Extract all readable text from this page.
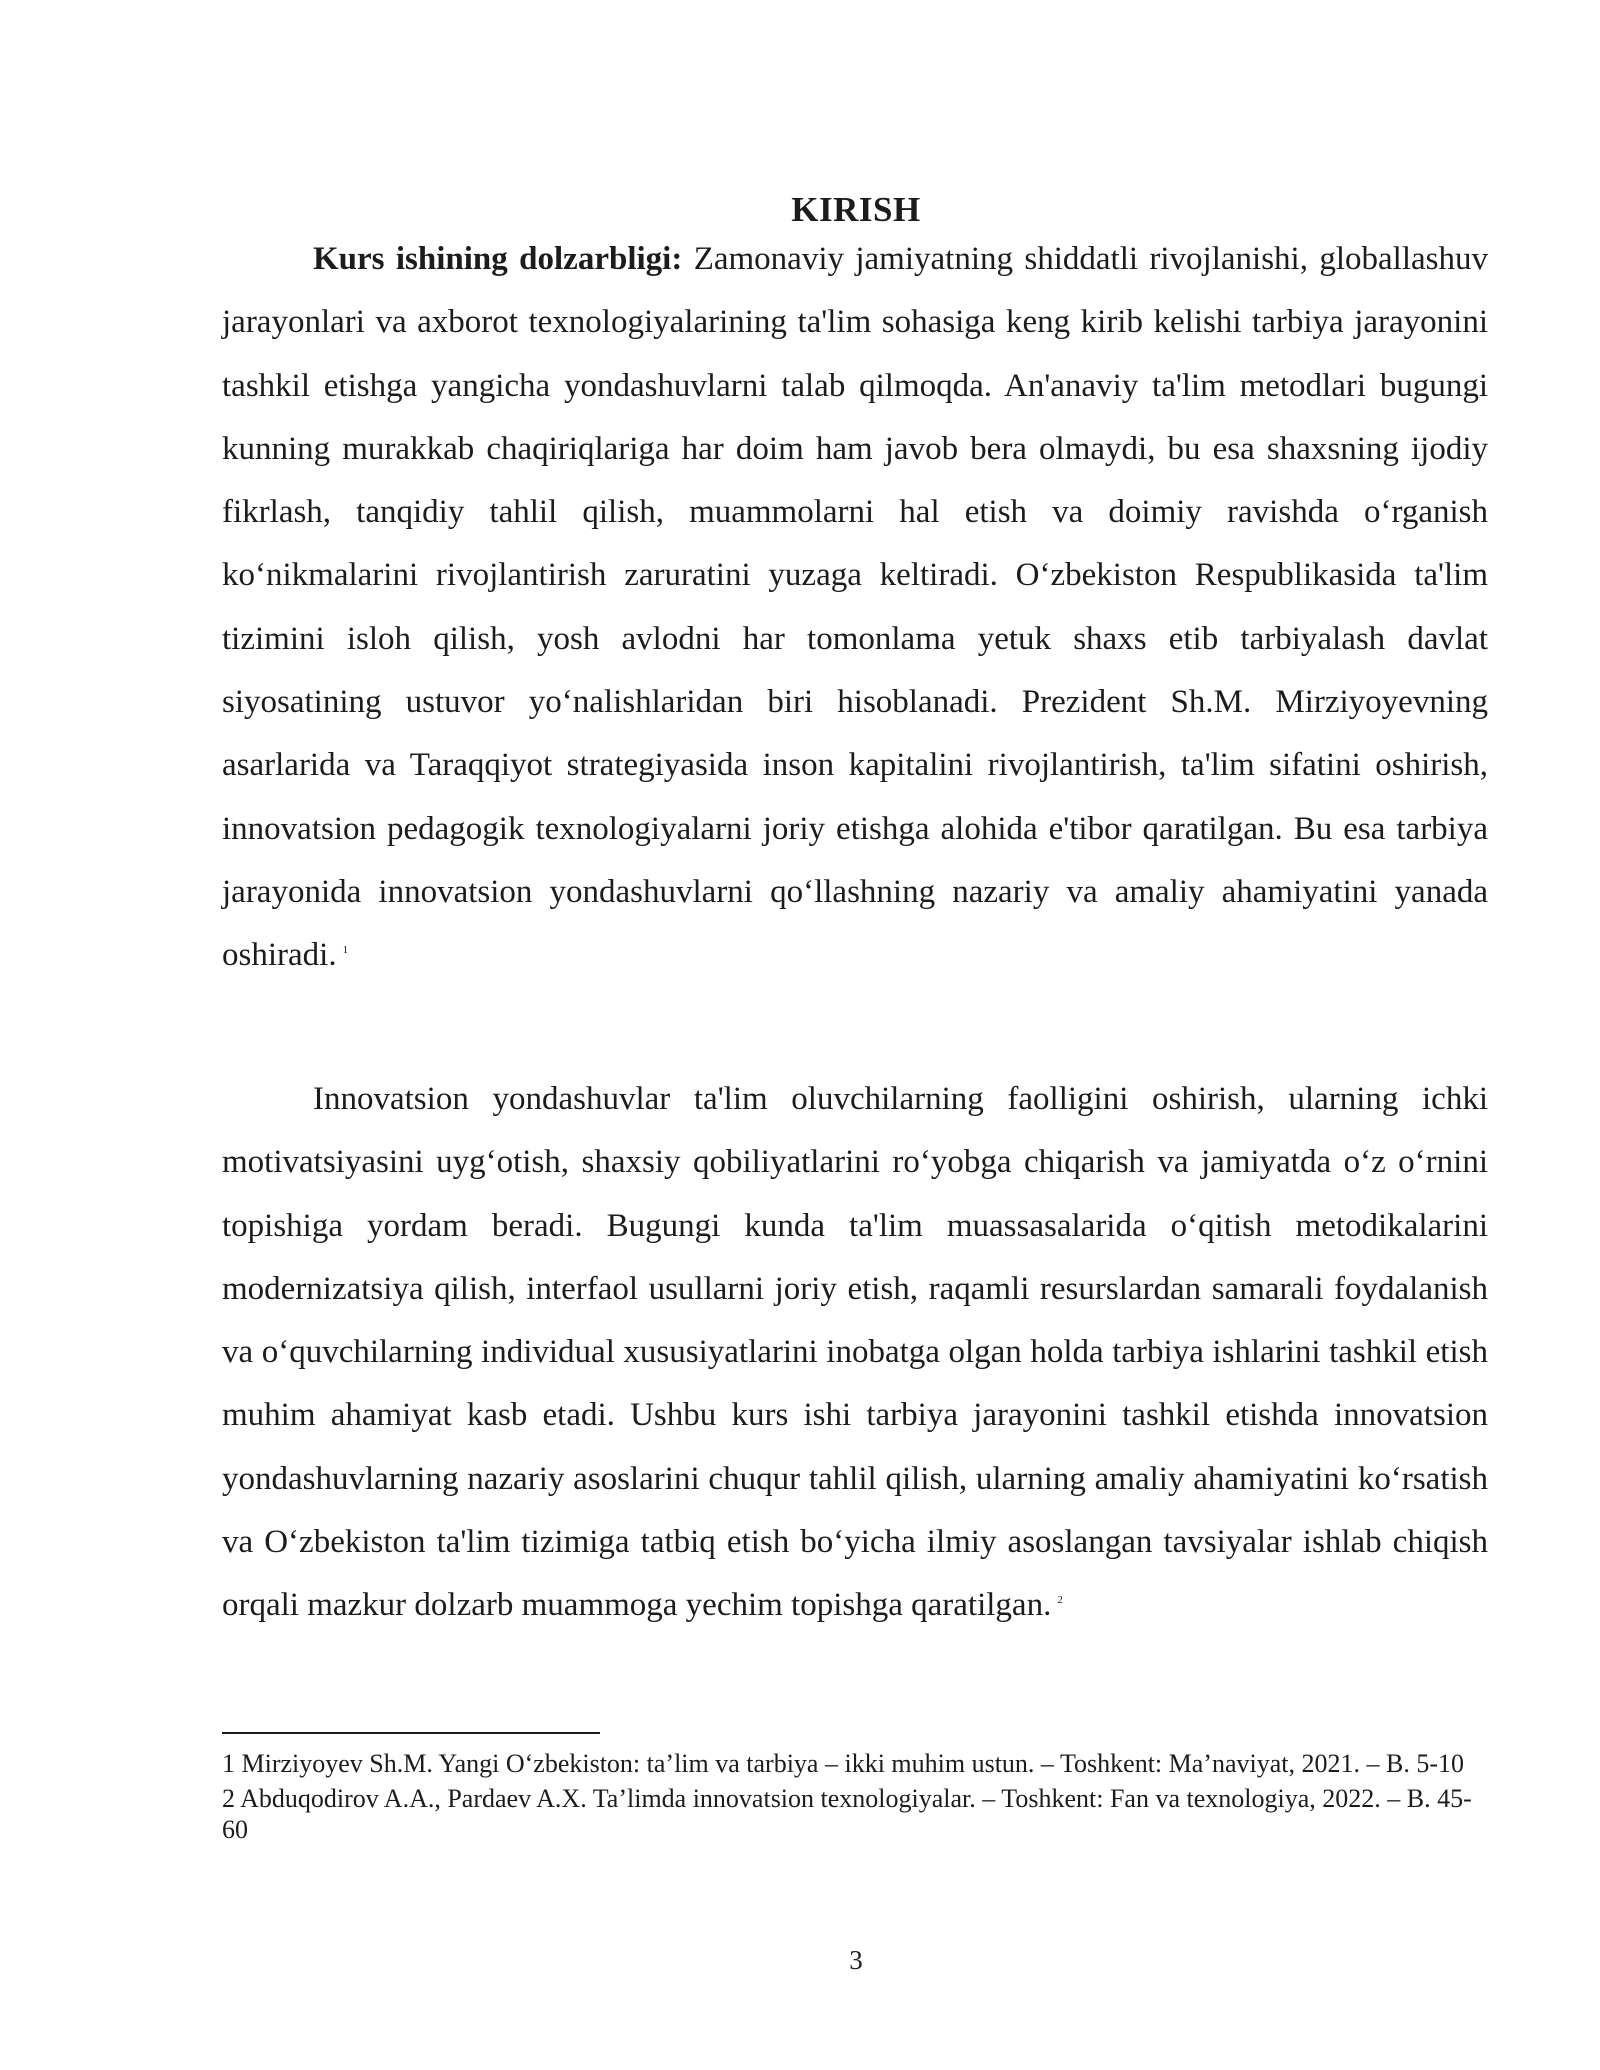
KIRISH

Kurs ishining dolzarbligi: Zamonaviy jamiyatning shiddatli rivojlanishi, globallashuv jarayonlari va axborot texnologiyalarining ta'lim sohasiga keng kirib kelishi tarbiya jarayonini tashkil etishga yangicha yondashuvlarni talab qilmoqda. An'anaviy ta'lim metodlari bugungi kunning murakkab chaqiriqlariga har doim ham javob bera olmaydi, bu esa shaxsning ijodiy fikrlash, tanqidiy tahlil qilish, muammolarni hal etish va doimiy ravishda o‘rganish ko‘nikmalarini rivojlantirish zaruratini yuzaga keltiradi. O‘zbekiston Respublikasida ta'lim tizimini isloh qilish, yosh avlodni har tomonlama yetuk shaxs etib tarbiyalash davlat siyosatining ustuvor yo‘nalishlaridan biri hisoblanadi. Prezident Sh.M. Mirziyoyevning asarlarida va Taraqqiyot strategiyasida inson kapitalini rivojlantirish, ta'lim sifatini oshirish, innovatsion pedagogik texnologiyalarni joriy etishga alohida e'tibor qaratilgan. Bu esa tarbiya jarayonida innovatsion yondashuvlarni qo‘llashning nazariy va amaliy ahamiyatini yanada oshiradi. $^1$

Innovatsion yondashuvlar ta'lim oluvchilarning faolligini oshirish, ularning ichki motivatsiyasini uyg‘otish, shaxsiy qobiliyatlarini ro‘yobga chiqarish va jamiyatda o‘z o‘rnini topishiga yordam beradi. Bugungi kunda ta'lim muassasalarida o‘qitish metodikalarini modernizatsiya qilish, interfaol usullarni joriy etish, raqamli resurslardan samarali foydalanish va o‘quvchilarning individual xususiyatlarini inobatga olgan holda tarbiya ishlarini tashkil etish muhim ahamiyat kasb etadi. Ushbu kurs ishi tarbiya jarayonini tashkil etishda innovatsion yondashuvlarning nazariy asoslarini chuqur tahlil qilish, ularning amaliy ahamiyatini ko‘rsatish va O‘zbekiston ta'lim tizimiga tatbiq etish bo‘yicha ilmiy asoslangan tavsiyalar ishlab chiqish orqali mazkur dolzarb muammoga yechim topishga qaratilgan. $^2$

1 Mirziyoyev Sh.M. Yangi O‘zbekiston: ta’lim va tarbiya – ikki muhim ustun. – Toshkent: Ma’naviyat, 2021. – B. 5-10

2 Abduqodirov A.A., Pardaev A.X. Ta’limda innovatsion texnologiyalar. – Toshkent: Fan va texnologiya, 2022. – B. 45-60

3
